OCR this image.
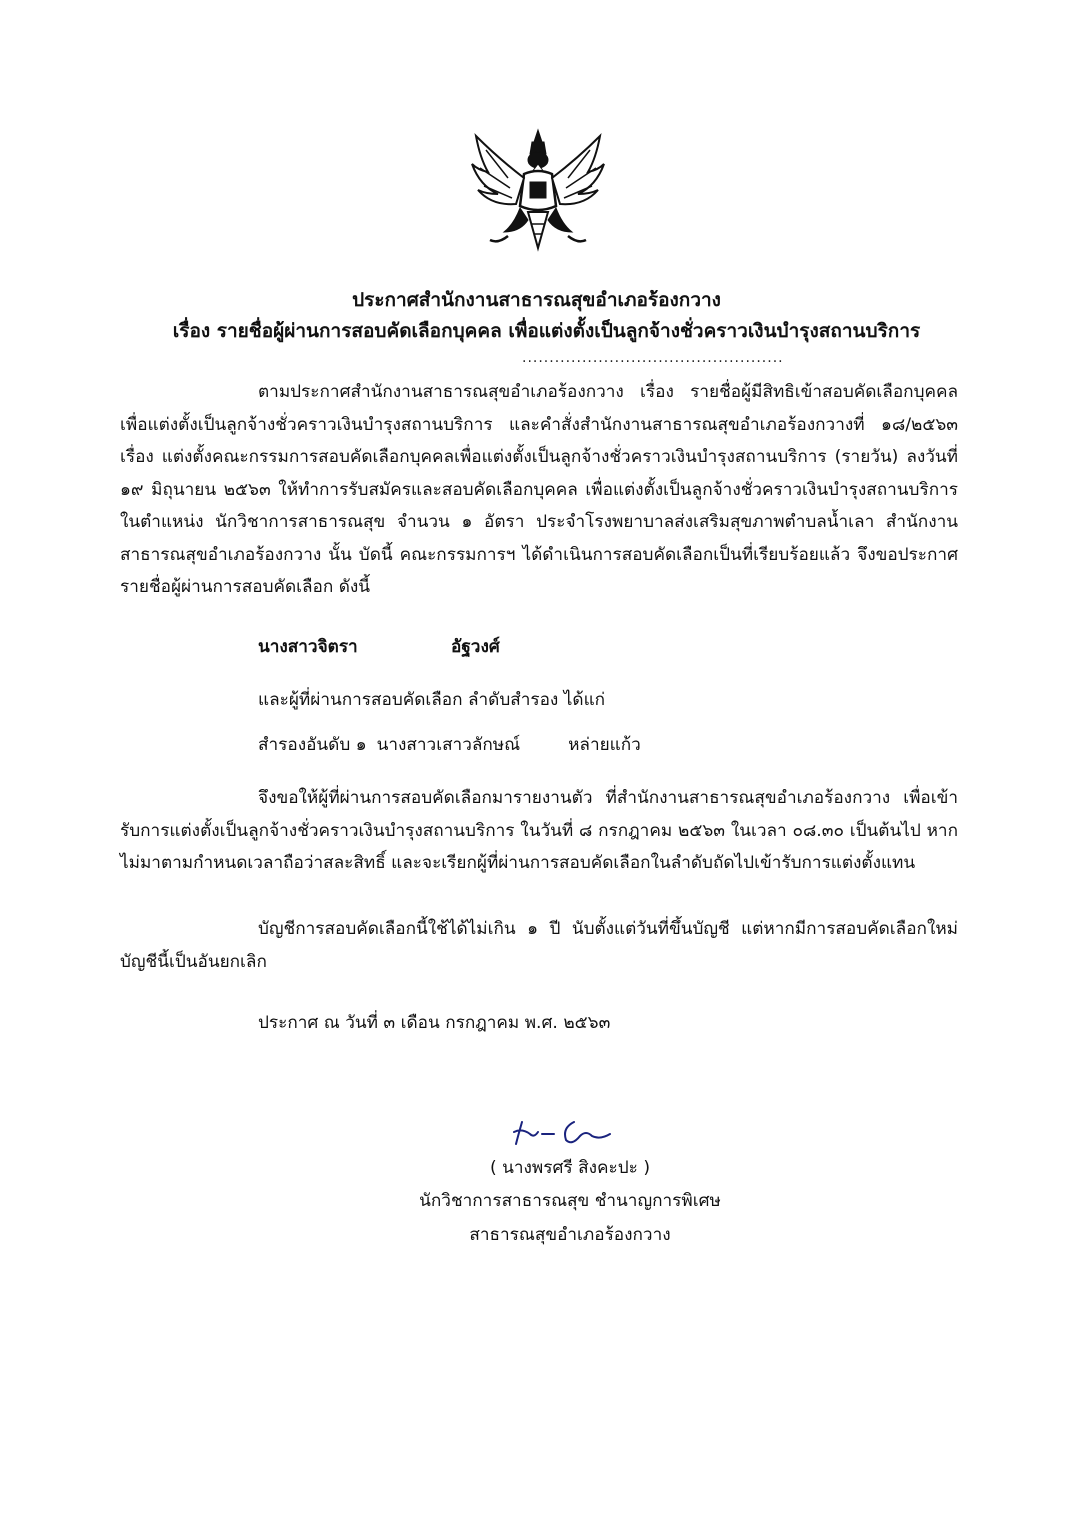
ประกาศสำนักงานสาธารณสุขอำเภอร้องกวาง
เรื่อง รายชื่อผู้ผ่านการสอบคัดเลือกบุคคล เพื่อแต่งตั้งเป็นลูกจ้างชั่วคราวเงินบำรุงสถานบริการ
................................................
ตามประกาศสำนักงานสาธารณสุขอำเภอร้องกวาง เรื่อง รายชื่อผู้มีสิทธิเข้าสอบคัดเลือกบุคคล เพื่อแต่งตั้งเป็นลูกจ้างชั่วคราวเงินบำรุงสถานบริการ และคำสั่งสำนักงานสาธารณสุขอำเภอร้องกวางที่ ๑๘/๒๕๖๓ เรื่อง แต่งตั้งคณะกรรมการสอบคัดเลือกบุคคลเพื่อแต่งตั้งเป็นลูกจ้างชั่วคราวเงินบำรุงสถานบริการ (รายวัน) ลงวันที่ ๑๙ มิถุนายน ๒๕๖๓ ให้ทำการรับสมัครและสอบคัดเลือกบุคคล เพื่อแต่งตั้งเป็นลูกจ้างชั่วคราวเงินบำรุงสถานบริการ ในตำแหน่ง นักวิชาการสาธารณสุข จำนวน ๑ อัตรา ประจำโรงพยาบาลส่งเสริมสุขภาพตำบลน้ำเลา สำนักงานสาธารณสุขอำเภอร้องกวาง นั้น บัดนี้ คณะกรรมการฯ ได้ดำเนินการสอบคัดเลือกเป็นที่เรียบร้อยแล้ว จึงขอประกาศรายชื่อผู้ผ่านการสอบคัดเลือก ดังนี้
นางสาวจิตรา	อัฐวงศ์
และผู้ที่ผ่านการสอบคัดเลือก ลำดับสำรอง ได้แก่
สำรองอันดับ ๑ นางสาวเสาวลักษณ์	หล่ายแก้ว
จึงขอให้ผู้ที่ผ่านการสอบคัดเลือกมารายงานตัว ที่สำนักงานสาธารณสุขอำเภอร้องกวาง เพื่อเข้ารับการแต่งตั้งเป็นลูกจ้างชั่วคราวเงินบำรุงสถานบริการ ในวันที่ ๘ กรกฎาคม ๒๕๖๓ ในเวลา ๐๘.๓๐ เป็นต้นไป หากไม่มาตามกำหนดเวลาถือว่าสละสิทธิ์ และจะเรียกผู้ที่ผ่านการสอบคัดเลือกในลำดับถัดไปเข้ารับการแต่งตั้งแทน
บัญชีการสอบคัดเลือกนี้ใช้ได้ไม่เกิน ๑ ปี นับตั้งแต่วันที่ขึ้นบัญชี แต่หากมีการสอบคัดเลือกใหม่ บัญชีนี้เป็นอันยกเลิก
ประกาศ ณ วันที่ ๓ เดือน กรกฎาคม พ.ศ. ๒๕๖๓
( นางพรศรี สิงคะปะ )
นักวิชาการสาธารณสุข ชำนาญการพิเศษ
สาธารณสุขอำเภอร้องกวาง
